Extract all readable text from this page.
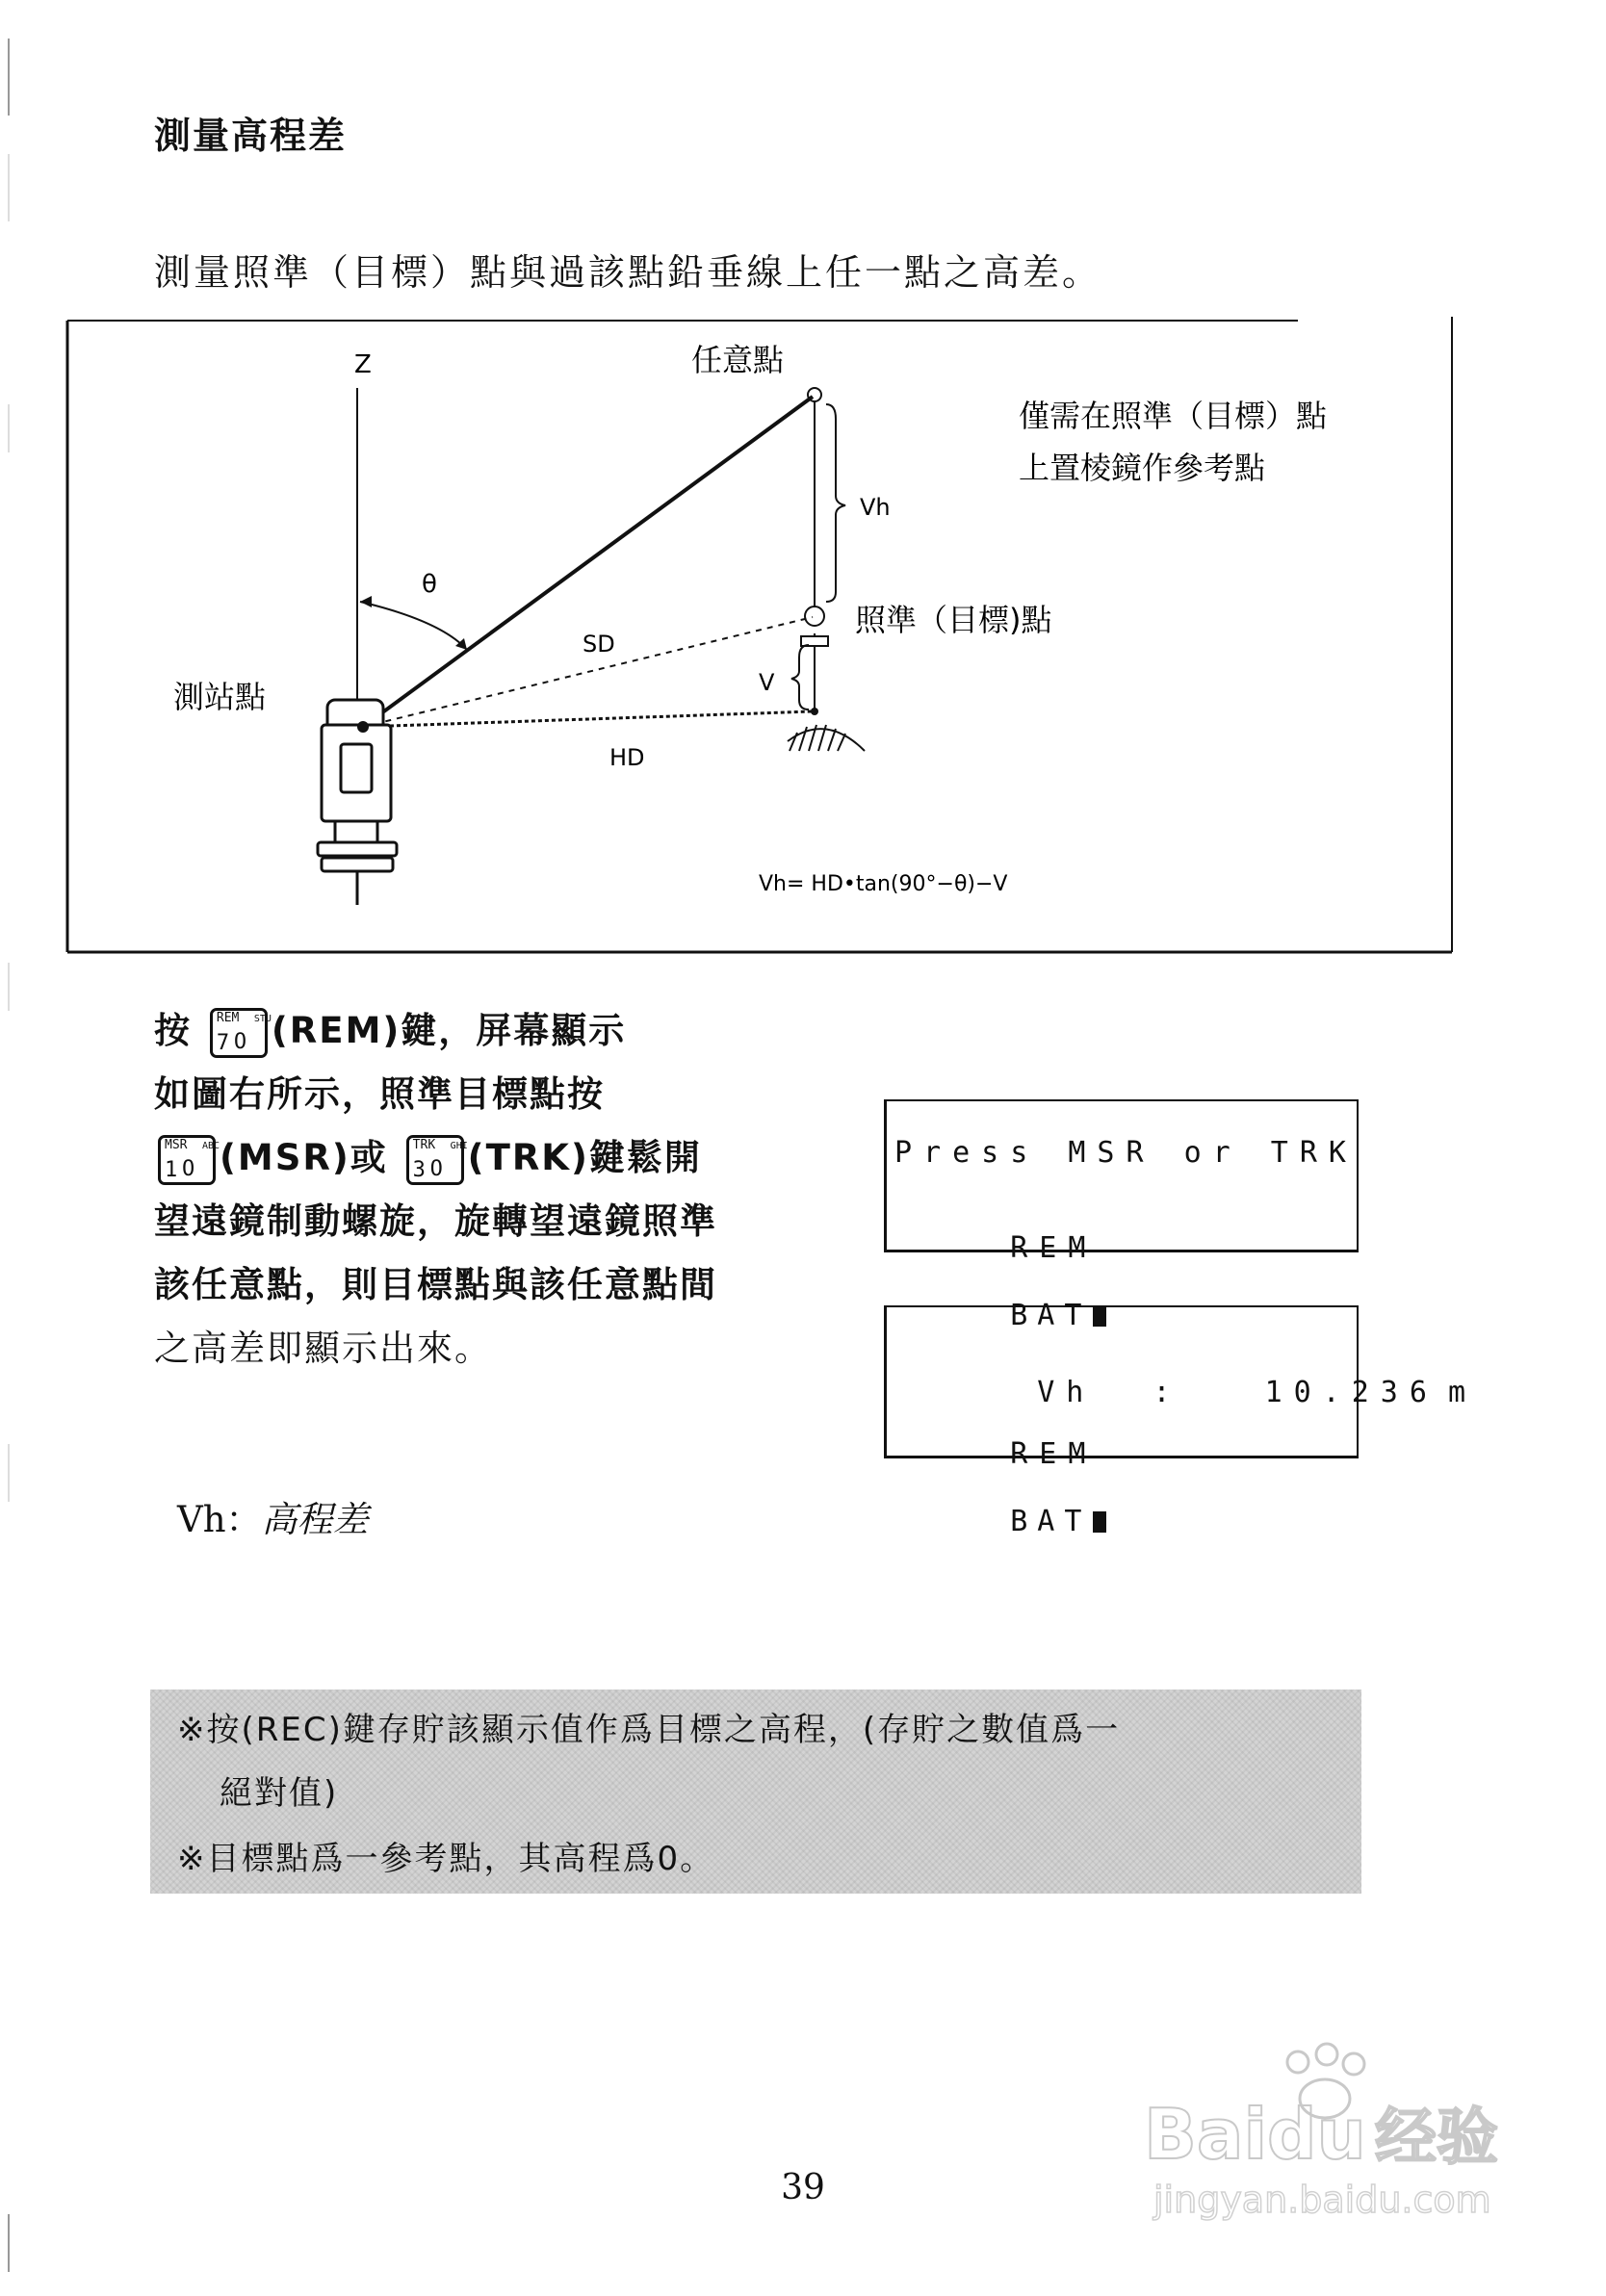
測量高程差
測量照準（目標）點與過該點鉛垂線上任一點之高差。
Z	任意點
θ
Vh
V
SD
HD
照準（目標)點
僅需在照準（目標）點
上置棱鏡作參考點
測站點
Vh= HD•tan(90°−θ)−V
按 REM
7 O
STU (REM)鍵，屏幕顯示
如圖右所示，照準目標點按
MSR
1 O
ABC (MSR)或 TRK
3 O
GHI (TRK)鍵鬆開
望遠鏡制動螺旋，旋轉望遠鏡照準
該任意點，則目標點與該任意點間
之高差即顯示出來。
Press MSR or TRK

REM

BAT

Vh  :	10.236 m

REM

BAT

Vh：高程差
※按(REC)鍵存貯該顯示值作爲目標之高程，(存貯之數值爲一
絕對值)
※目標點爲一參考點，其高程爲0。
39
Bai du 经验
jingyan.baidu.com
